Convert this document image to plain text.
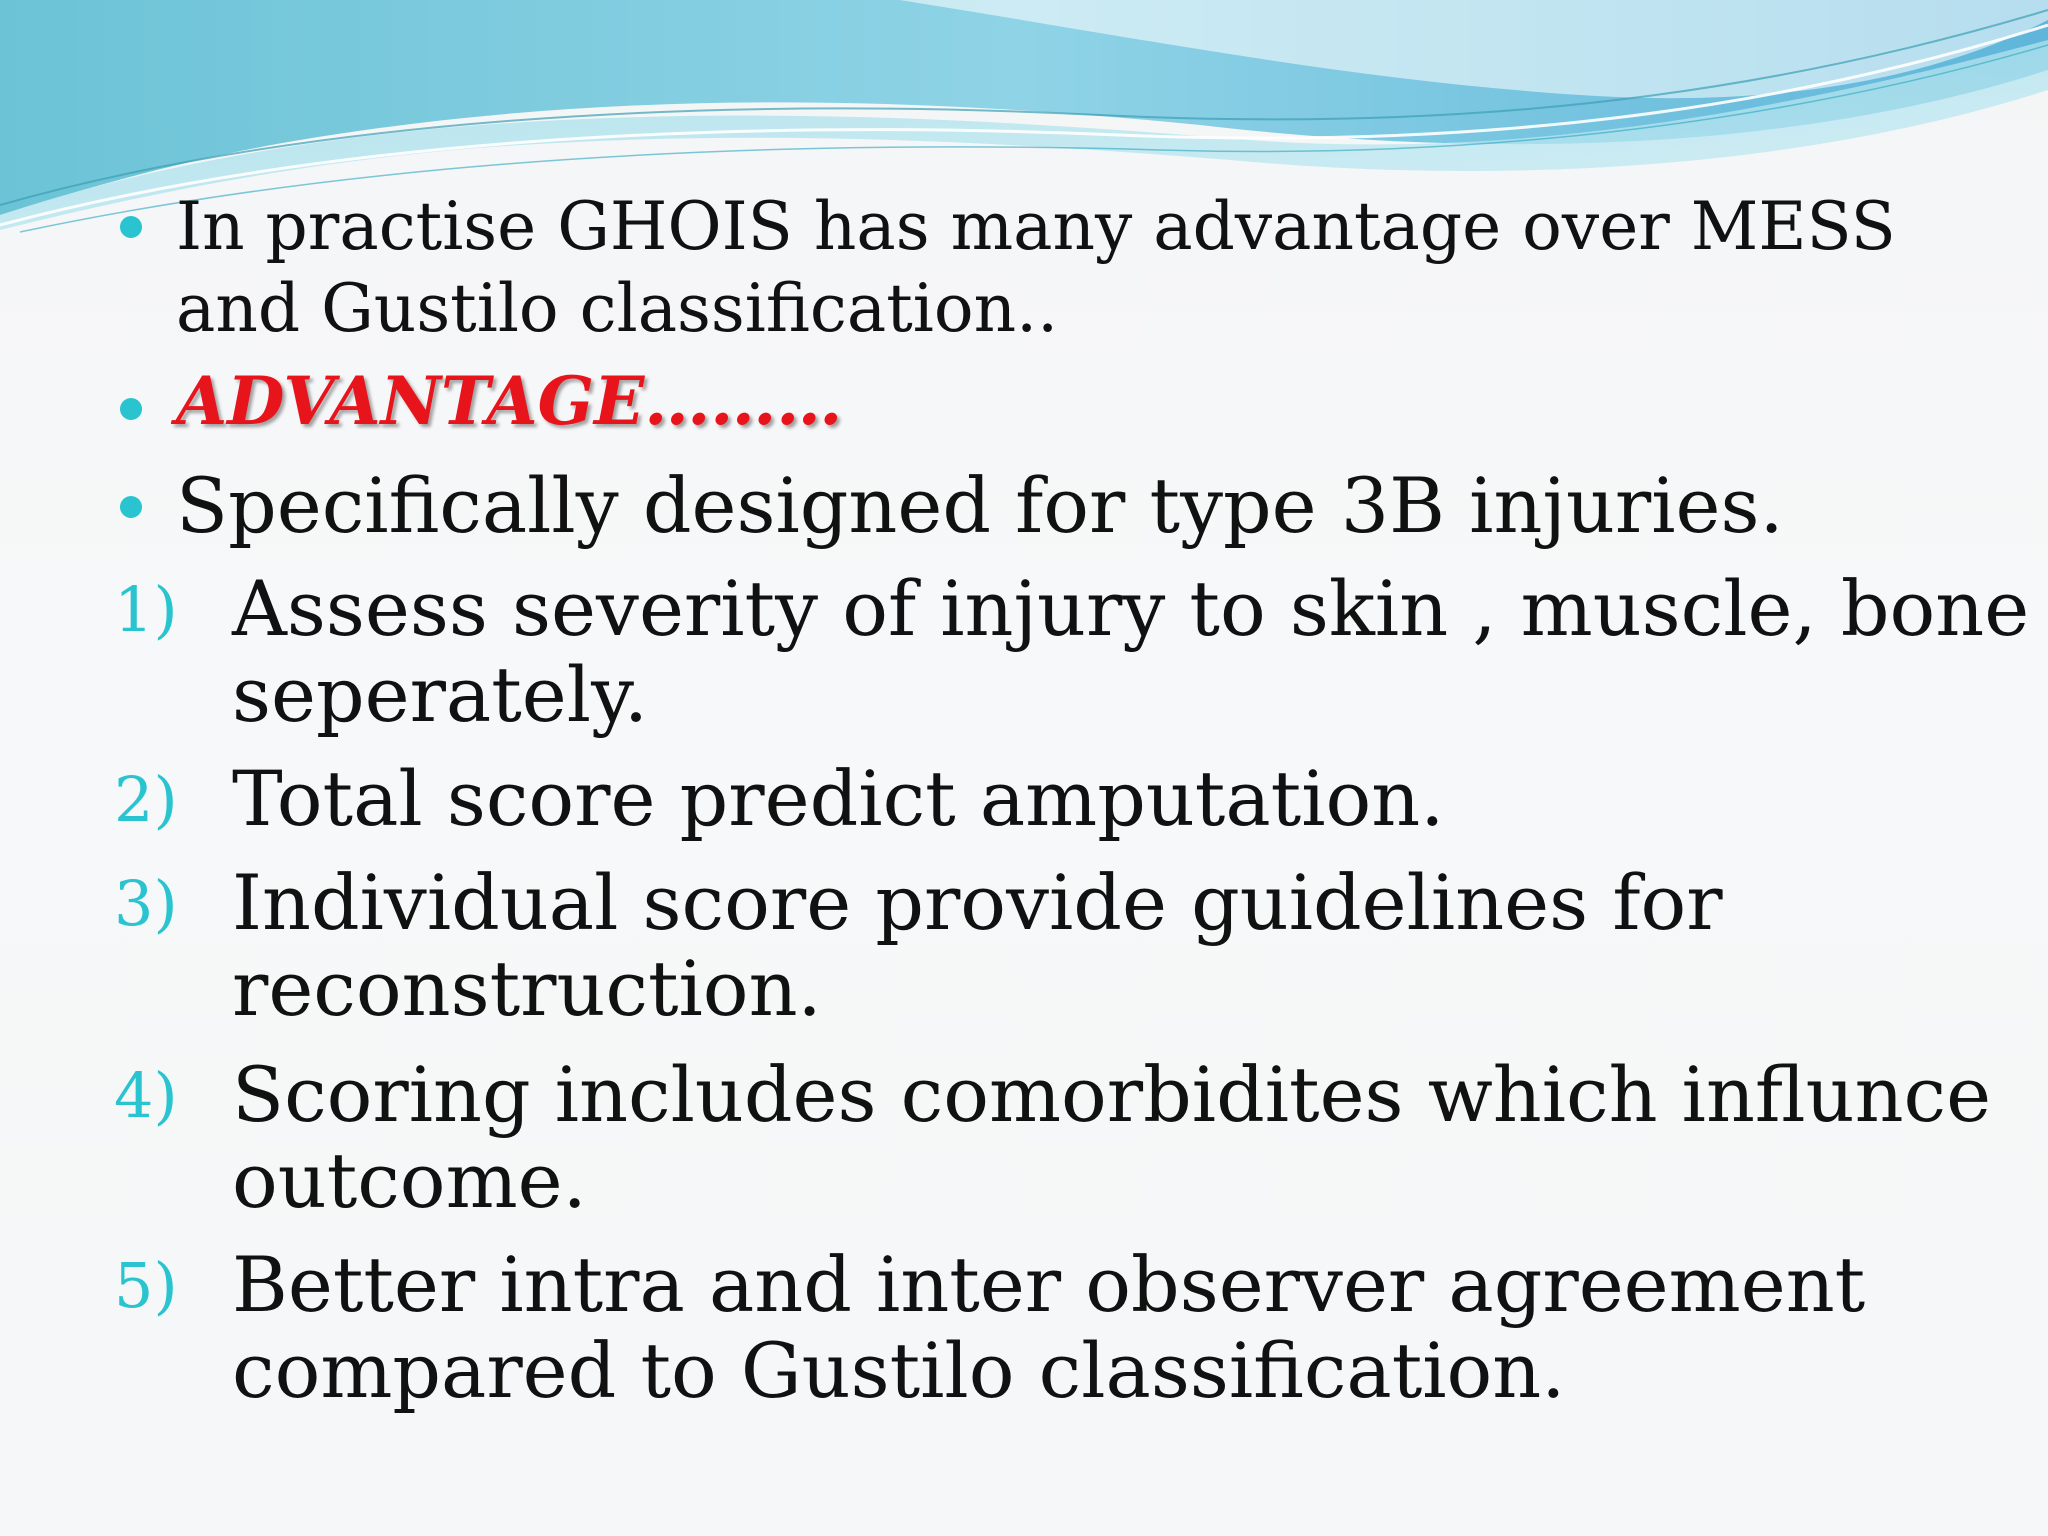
In practise GHOIS has many advantage over MESS
and Gustilo classification..
ADVANTAGE………
Specifically designed for type 3B injuries.
1) Assess severity of injury to skin , muscle, bone
seperately.
2) Total score predict amputation.
3) Individual score provide guidelines for
reconstruction.
4) Scoring includes comorbidites which influnce
outcome.
5) Better intra and inter observer agreement
compared to Gustilo classification.
